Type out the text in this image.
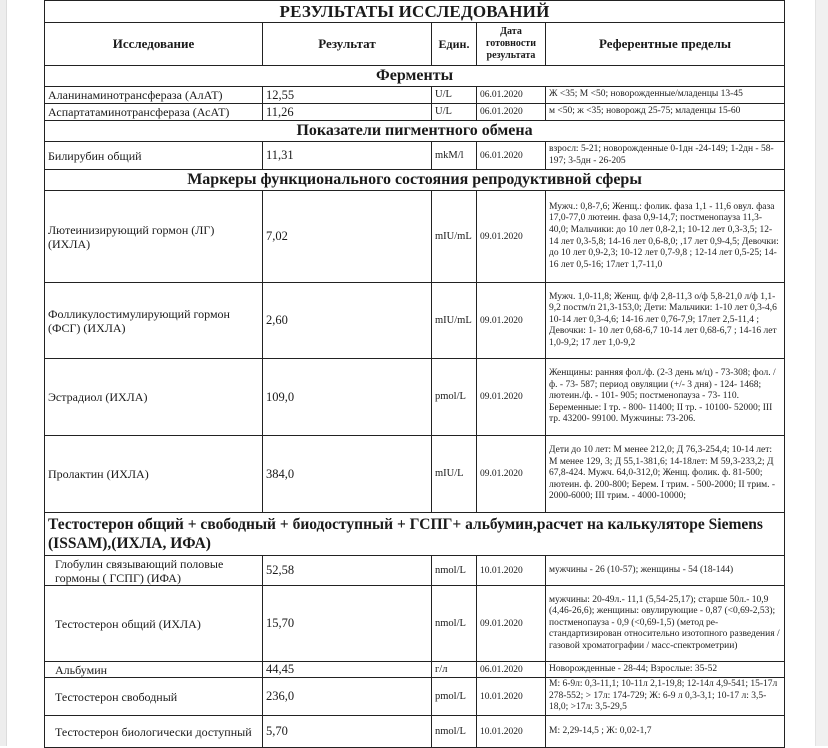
РЕЗУЛЬТАТЫ ИССЛЕДОВАНИЙ				
Исследование	Результат	Един.	Дата готовности результата	Референтные пределы
Ферменты				
Аланинаминотрансфераза (АлАТ)	12,55	U/L	06.01.2020	Ж <35; М <50; новорожденные/младенцы 13-45
Аспартатаминотрансфераза (АсАТ)	11,26	U/L	06.01.2020	м <50; ж <35; новорожд 25-75; младенцы 15-60
Показатели пигментного обмена				
Билирубин общий	11,31	mkM/l	06.01.2020	взросл: 5-21; новорожденные 0-1дн -24-149; 1-2дн - 58-197; 3-5дн - 26-205
Маркеры функционального состояния репродуктивной сферы				
Лютеинизирующий гормон (ЛГ) (ИХЛА)	7,02	mIU/mL	09.01.2020	Мужч.: 0,8-7,6; Женщ.: фолик. фаза 1,1 - 11,6 овул. фаза 17,0-77,0 лютеин. фаза 0,9-14,7; постменопауза 11,3-40,0; Мальчики: до 10 лет 0,8-2,1; 10-12 лет 0,3-3,5; 12-14 лет 0,3-5,8; 14-16 лет 0,6-8,0; ,17 лет 0,9-4,5; Девочки: до 10 лет 0,9-2,3; 10-12 лет 0,7-9,8 ; 12-14 лет 0,5-25; 14-16 лет 0,5-16; 17лет 1,7-11,0
Фолликулостимулирующий гормон (ФСГ) (ИХЛА)	2,60	mIU/mL	09.01.2020	Мужч. 1,0-11,8; Женщ. ф/ф 2,8-11,3 о/ф 5,8-21,0 л/ф 1,1-9,2 постм/п 21,3-153,0; Дети: Мальчики: 1-10 лет 0,3-4,6 10-14 лет 0,3-4,6; 14-16 лет 0,76-7,9; 17лет 2,5-11,4 ; Девочки: 1- 10 лет 0,68-6,7 10-14 лет 0,68-6,7 ; 14-16 лет 1,0-9,2; 17 лет 1,0-9,2
Эстрадиол (ИХЛА)	109,0	pmol/L	09.01.2020	Женщины: ранняя фол./ф. (2-3 день м/ц) - 73-308; фол. /ф. - 73- 587; период овуляции (+/- 3 дня) - 124- 1468; лютеин./ф. - 101- 905; постменопауза - 73- 110. Беременные: I тр. - 800- 11400; II тр. - 10100- 52000; III тр. 43200- 99100. Мужчины: 73-206.
Пролактин (ИХЛА)	384,0	mIU/L	09.01.2020	Дети до 10 лет: М менее 212,0; Д 76,3-254,4; 10-14 лет: М менее 129, 3; Д 55,1-381,6; 14-18лет: М 59,3-233,2; Д 67,8-424. Мужч. 64,0-312,0; Женщ. фолик. ф. 81-500; лютеин. ф. 200-800; Берем. I трим. - 500-2000; II трим. - 2000-6000; III трим. - 4000-10000;
Тестостерон общий + свободный + биодоступный + ГСПГ+ альбумин,расчет на калькуляторе Siemens (ISSAM),(ИХЛА, ИФА)				
Глобулин связывающий половые гормоны ( ГСПГ) (ИФА)	52,58	nmol/L	10.01.2020	мужчины - 26 (10-57); женщины - 54 (18-144)
Тестостерон общий (ИХЛА)	15,70	nmol/L	09.01.2020	мужчины: 20-49л.- 11,1 (5,54-25,17); старше 50л.- 10,9 (4,46-26,6); женщины: овулирующие - 0,87 (<0,69-2,53); постменопауза - 0,9 (<0,69-1,5) (метод ре-стандартизирован относительно изотопного разведения / газовой хроматографии / масс-спектрометрии)
Альбумин	44,45	г/л	06.01.2020	Новорожденные - 28-44; Взрослые: 35-52
Тестостерон свободный	236,0	pmol/L	10.01.2020	М: 6-9л: 0,3-11,1; 10-11л 2,1-19,8; 12-14л 4,9-541; 15-17л 278-552; > 17л: 174-729; Ж: 6-9 л 0,3-3,1; 10-17 л: 3,5-18,0; >17л: 3,5-29,5
Тестостерон биологически доступный	5,70	nmol/L	10.01.2020	М: 2,29-14,5 ; Ж: 0,02-1,7
